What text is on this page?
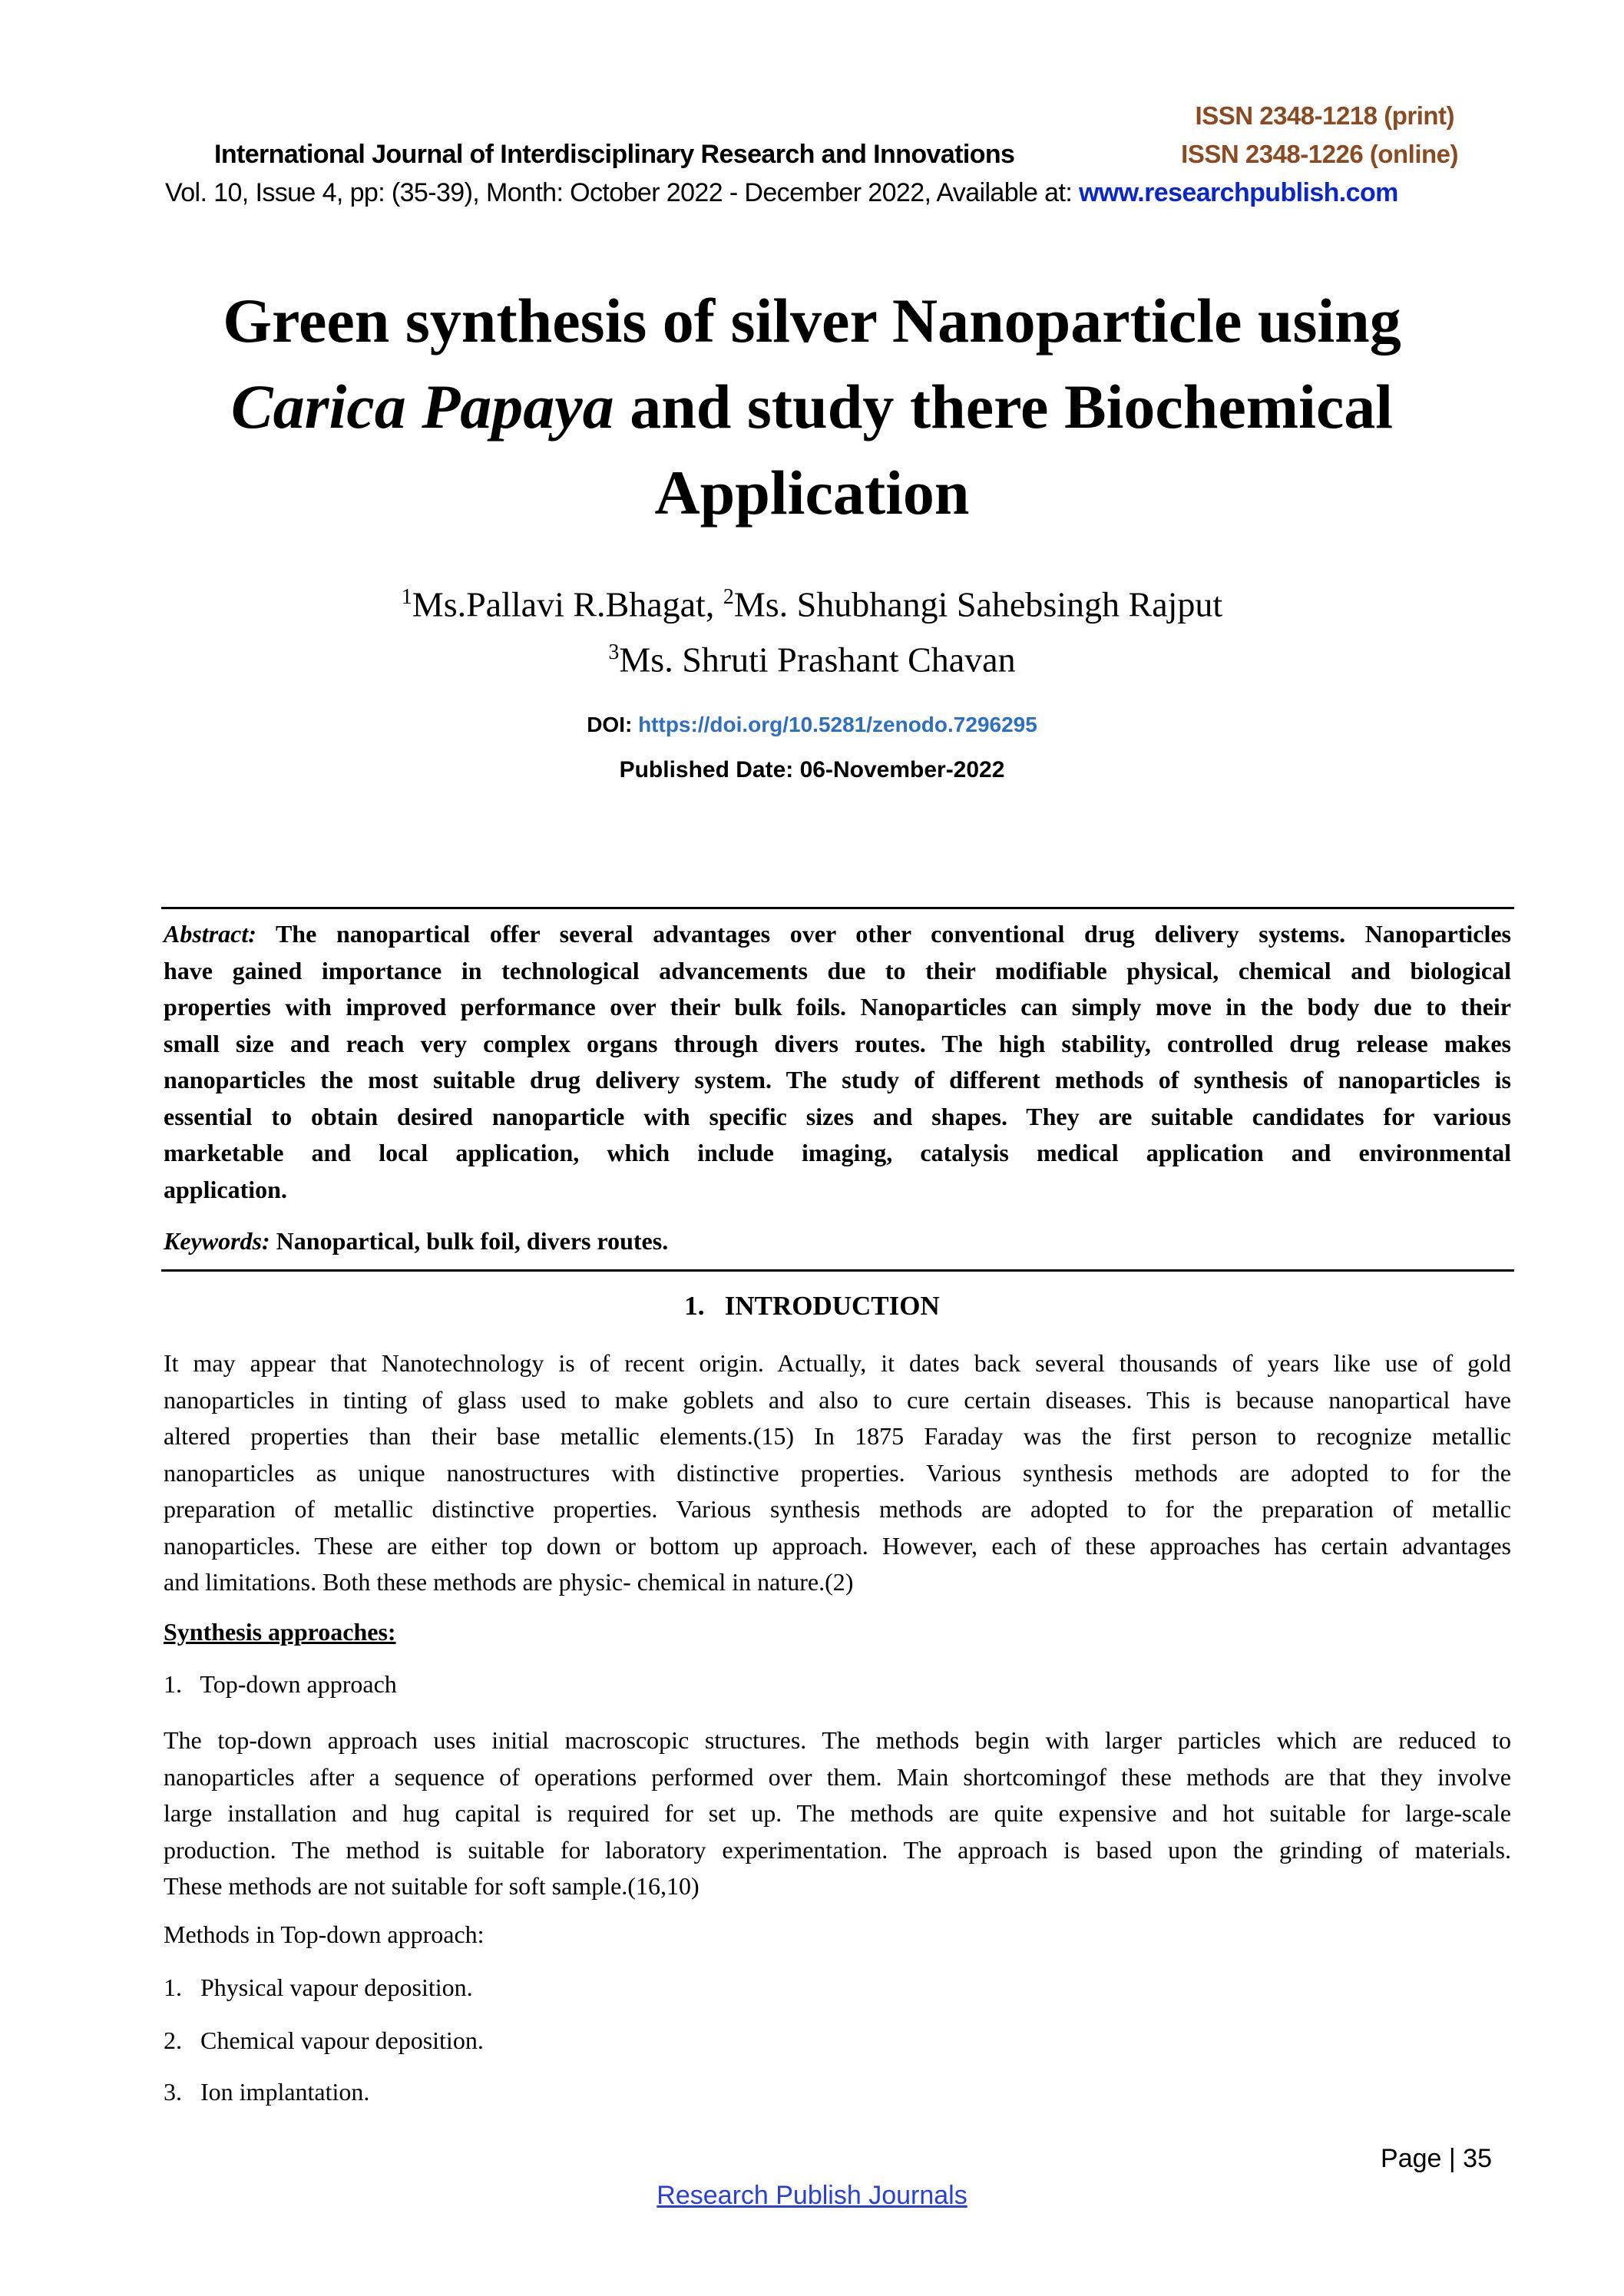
ISSN 2348-1218 (print)
International Journal of Interdisciplinary Research and Innovations	ISSN 2348-1226 (online)
Vol. 10, Issue 4, pp: (35-39), Month: October 2022 - December 2022, Available at: www.researchpublish.com
Green synthesis of silver Nanoparticle using
Carica Papaya and study there Biochemical
Application
$^1$Ms.Pallavi R.Bhagat, $^2$Ms. Shubhangi Sahebsingh Rajput
$^3$Ms. Shruti Prashant Chavan
DOI: https://doi.org/10.5281/zenodo.7296295
Published Date: 06-November-2022
Abstract: The nanopartical offer several advantages over other conventional drug delivery systems. Nanoparticles
have gained importance in technological advancements due to their modifiable physical, chemical and biological
properties with improved performance over their bulk foils. Nanoparticles can simply move in the body due to their
small size and reach very complex organs through divers routes. The high stability, controlled drug release makes
nanoparticles the most suitable drug delivery system. The study of different methods of synthesis of nanoparticles is
essential to obtain desired nanoparticle with specific sizes and shapes. They are suitable candidates for various
marketable and local application, which include imaging, catalysis medical application and environmental
application.
Keywords: Nanopartical, bulk foil, divers routes.
1.   INTRODUCTION
It may appear that Nanotechnology is of recent origin. Actually, it dates back several thousands of years like use of gold
nanoparticles in tinting of glass used to make goblets and also to cure certain diseases. This is because nanopartical have
altered properties than their base metallic elements.(15) In 1875 Faraday was the first person to recognize metallic
nanoparticles as unique nanostructures with distinctive properties. Various synthesis methods are adopted to for the
preparation of metallic distinctive properties. Various synthesis methods are adopted to for the preparation of metallic
nanoparticles. These are either top down or bottom up approach. However, each of these approaches has certain advantages
and limitations. Both these methods are physic- chemical in nature.(2)
Synthesis approaches:
1.   Top-down approach
The top-down approach uses initial macroscopic structures. The methods begin with larger particles which are reduced to
nanoparticles after a sequence of operations performed over them. Main shortcomingof these methods are that they involve
large installation and hug capital is required for set up. The methods are quite expensive and hot suitable for large-scale
production. The method is suitable for laboratory experimentation. The approach is based upon the grinding of materials.
These methods are not suitable for soft sample.(16,10)
Methods in Top-down approach:
1.   Physical vapour deposition.
2.   Chemical vapour deposition.
3.   Ion implantation.
Page | 35
Research Publish Journals
